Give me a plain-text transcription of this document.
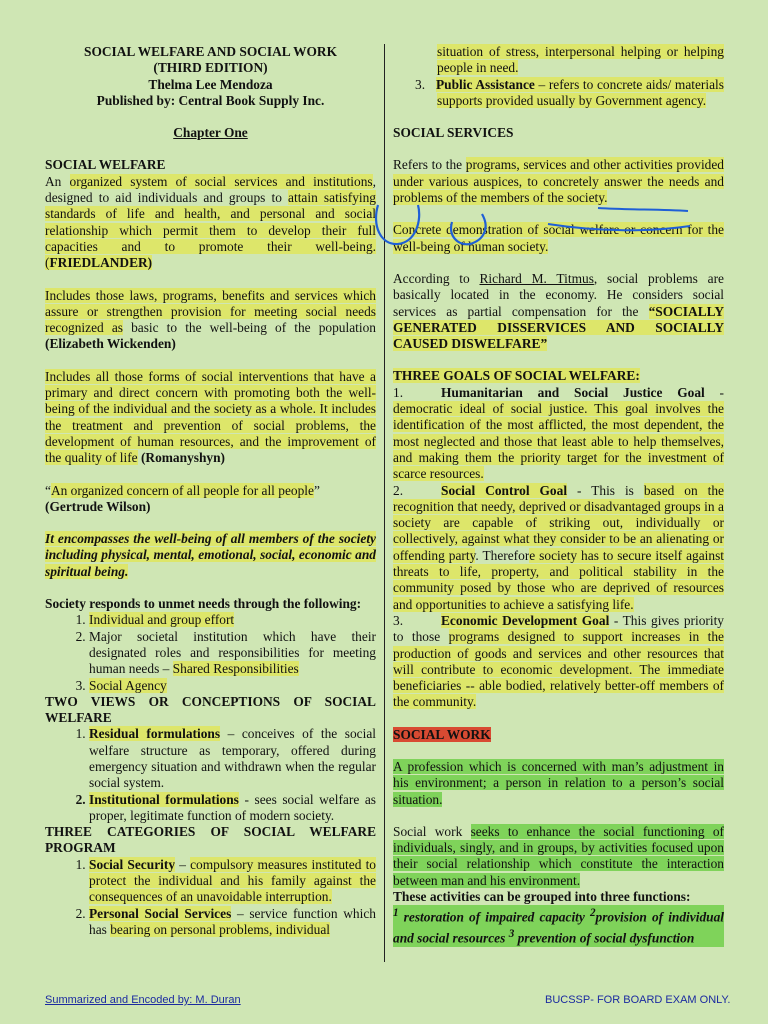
SOCIAL WELFARE AND SOCIAL WORK
(THIRD EDITION)
Thelma Lee Mendoza
Published by: Central Book Supply Inc.
Chapter One
SOCIAL WELFARE

An organized system of social services and institutions, designed to aid individuals and groups to attain satisfying standards of life and health, and personal and social relationship which permit them to develop their full capacities and to promote their well-being.(FRIEDLANDER)

Includes those laws, programs, benefits and services which assure or strengthen provision for meeting social needs recognized as basic to the well-being of the population (Elizabeth Wickenden)

Includes all those forms of social interventions that have a primary and direct concern with promoting both the well-being of the individual and the society as a whole. It includes the treatment and prevention of social problems, the development of human resources, and the improvement of the quality of life (Romanyshyn)

“An organized concern of all people for all people”

(Gertrude Wilson)

It encompasses the well-being of all members of the society including physical, mental, emotional, social, economic and spiritual being.

Society responds to unmet needs through the following:
1. Individual and group effort
2. Major societal institution which have their designated roles and responsibilities for meeting human needs – Shared Responsibilities
3. Social Agency

TWO VIEWS OR CONCEPTIONS OF SOCIAL WELFARE

1. Residual formulations – conceives of the social welfare structure as temporary, offered during emergency situation and withdrawn when the regular social system.
2. Institutional formulations - sees social welfare as proper, legitimate function of modern society.

THREE CATEGORIES OF SOCIAL WELFARE PROGRAM

1. Social Security – compulsory measures instituted to protect the individual and his family against the consequences of an unavoidable interruption.
2. Personal Social Services – service function which has bearing on personal problems, individual

situation of stress, interpersonal helping or helping people in need.

3. Public Assistance – refers to concrete aids/ materials supports provided usually by Government agency.

SOCIAL SERVICES

Refers to the programs, services and other activities provided under various auspices, to concretely answer the needs and problems of the members of the society.

Concrete demonstration of social welfare or concern for the well-being of human society.

According to Richard M. Titmus, social problems are basically located in the economy. He considers social services as partial compensation for the “SOCIALLY GENERATED DISSERVICES AND SOCIALLY CAUSED DISWELFARE”

THREE GOALS OF SOCIAL WELFARE:

1.	Humanitarian and Social Justice Goal - democratic ideal of social justice. This goal involves the identification of the most afflicted, the most dependent, the most neglected and those that least able to help themselves, and making them the priority target for the investment of scarce resources.

2.	Social Control Goal - This is based on the recognition that needy, deprived or disadvantaged groups in a society are capable of striking out, individually or collectively, against what they consider to be an alienating or offending party. Therefore society has to secure itself against threats to life, property, and political stability in the community posed by those who are deprived of resources and opportunities to achieve a satisfying life.

3.	Economic Development Goal - This gives priority to those programs designed to support increases in the production of goods and services and other resources that will contribute to economic development. The immediate beneficiaries -- able bodied, relatively better-off members of the community.

SOCIAL WORK

A profession which is concerned with man’s adjustment in his environment; a person in relation to a person’s social situation.

Social work seeks to enhance the social functioning of individuals, singly, and in groups, by activities focused upon their social relationship which constitute the interaction between man and his environment.

These activities can be grouped into three functions:

$^1$ restoration of impaired capacity $^2$provision of individual and social resources $^3$ prevention of social dysfunction

Summarized and Encoded by: M. Duran	BUCSSP- FOR BOARD EXAM ONLY.
